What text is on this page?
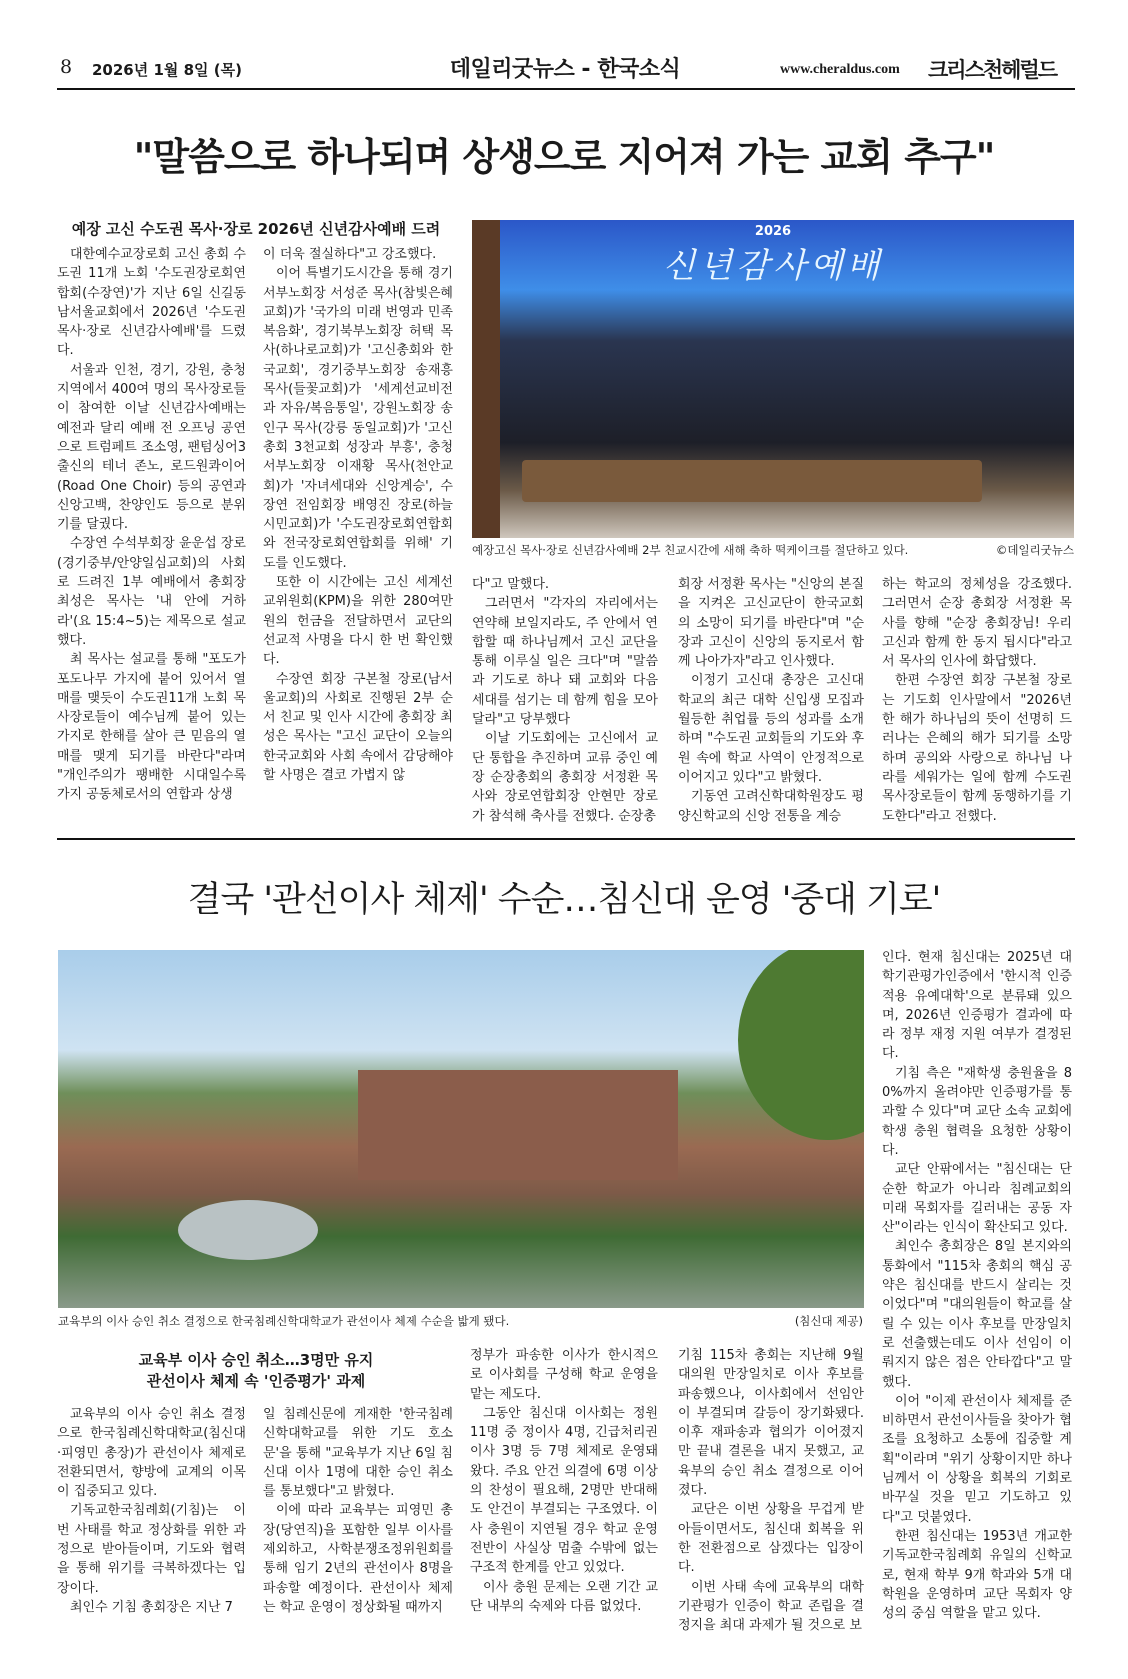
8 2026년 1월 8일 (목)	데일리굿뉴스 - 한국소식	www.cheraldus.com 크리스천헤럴드
"말씀으로 하나되며 상생으로 지어져 가는 교회 추구"
예장 고신 수도권 목사·장로 2026년 신년감사예배 드려	2026
신년감사예배
예장고신 목사·장로 신년감사예배 2부 친교시간에 새해 축하 떡케이크를 절단하고 있다.	©데일리굿뉴스

대한예수교장로회 고신 총회 수도권 11개 노회 '수도권장로회연합회(수장연)'가 지난 6일 신길동 남서울교회에서 2026년 '수도권 목사·장로 신년감사예배'를 드렸다.

서울과 인천, 경기, 강원, 충청 지역에서 400여 명의 목사장로들이 참여한 이날 신년감사예배는 예전과 달리 예배 전 오프닝 공연으로 트럼페트 조소영, 팬텀싱어3 출신의 테너 존노, 로드원콰이어(Road One Choir) 등의 공연과 신앙고백, 찬양인도 등으로 분위기를 달궜다.

수장연 수석부회장 윤운섭 장로(경기중부/안양일심교회)의 사회로 드려진 1부 예배에서 총회장 최성은 목사는 '내 안에 거하라'(요 15:4~5)는 제목으로 설교했다.

최 목사는 설교를 통해 "포도가 포도나무 가지에 붙어 있어서 열매를 맺듯이 수도권11개 노회 목사장로들이 예수님께 붙어 있는 가지로 한해를 살아 큰 믿음의 열매를 맺게 되기를 바란다"라며 "개인주의가 팽배한 시대일수록 가지 공동체로서의 연합과 상생

이 더욱 절실하다"고 강조했다.

이어 특별기도시간을 통해 경기서부노회장 서성준 목사(참빛은혜교회)가 '국가의 미래 번영과 민족복음화', 경기북부노회장 허택 목사(하나로교회)가 '고신총회와 한국교회', 경기중부노회장 송재흥 목사(들꽃교회)가 '세계선교비전과 자유/복음통일', 강원노회장 송인구 목사(강릉 동일교회)가 '고신총회 3천교회 성장과 부흥', 충청서부노회장 이재황 목사(천안교회)가 '자녀세대와 신앙계승', 수장연 전임회장 배영진 장로(하늘시민교회)가 '수도권장로회연합회와 전국장로회연합회를 위해' 기도를 인도했다.

또한 이 시간에는 고신 세계선교위원회(KPM)을 위한 280여만 원의 헌금을 전달하면서 교단의 선교적 사명을 다시 한 번 확인했다.

수장연 회장 구본철 장로(남서울교회)의 사회로 진행된 2부 순서 친교 및 인사 시간에 총회장 최성은 목사는 "고신 교단이 오늘의 한국교회와 사회 속에서 감당해야 할 사명은 결코 가볍지 않

다"고 말했다.

그러면서 "각자의 자리에서는 연약해 보일지라도, 주 안에서 연합할 때 하나님께서 고신 교단을 통해 이루실 일은 크다"며 "말씀과 기도로 하나 돼 교회와 다음 세대를 섬기는 데 함께 힘을 모아 달라"고 당부했다

이날 기도회에는 고신에서 교단 통합을 추진하며 교류 중인 예장 순장총회의 총회장 서정환 목사와 장로연합회장 안현만 장로가 참석해 축사를 전했다. 순장총

회장 서정환 목사는 "신앙의 본질을 지켜온 고신교단이 한국교회의 소망이 되기를 바란다"며 "순장과 고신이 신앙의 동지로서 함께 나아가자"라고 인사했다.

이정기 고신대 총장은 고신대학교의 최근 대학 신입생 모집과 월등한 취업률 등의 성과를 소개하며 "수도권 교회들의 기도와 후원 속에 학교 사역이 안정적으로 이어지고 있다"고 밝혔다.

기동연 고려신학대학원장도 평양신학교의 신앙 전통을 계승

하는 학교의 정체성을 강조했다. 그러면서 순장 총회장 서정환 목사를 향해 "순장 총회장님! 우리 고신과 함께 한 동지 됩시다"라고 서 목사의 인사에 화답했다.

한편 수장연 회장 구본철 장로는 기도회 인사말에서 "2026년 한 해가 하나님의 뜻이 선명히 드러나는 은혜의 해가 되기를 소망하며 공의와 사랑으로 하나님 나라를 세워가는 일에 함께 수도권 목사장로들이 함께 동행하기를 기도한다"라고 전했다.

결국 '관선이사 체제' 수순…침신대 운영 '중대 기로'
교육부의 이사 승인 취소 결정으로 한국침례신학대학교가 관선이사 체제 수순을 밟게 됐다.	(침신대 제공)
교육부 이사 승인 취소…3명만 유지
관선이사 체제 속 '인증평가' 과제

교육부의 이사 승인 취소 결정으로 한국침례신학대학교(침신대·피영민 총장)가 관선이사 체제로 전환되면서, 향방에 교계의 이목이 집중되고 있다.

기독교한국침례회(기침)는 이번 사태를 학교 정상화를 위한 과정으로 받아들이며, 기도와 협력을 통해 위기를 극복하겠다는 입장이다.

최인수 기침 총회장은 지난 7

일 침례신문에 게재한 '한국침례신학대학교를 위한 기도 호소문'을 통해 "교육부가 지난 6일 침신대 이사 1명에 대한 승인 취소를 통보했다"고 밝혔다.

이에 따라 교육부는 피영민 총장(당연직)을 포함한 일부 이사를 제외하고, 사학분쟁조정위원회를 통해 임기 2년의 관선이사 8명을 파송할 예정이다. 관선이사 체제는 학교 운영이 정상화될 때까지

정부가 파송한 이사가 한시적으로 이사회를 구성해 학교 운영을 맡는 제도다.

그동안 침신대 이사회는 정원 11명 중 정이사 4명, 긴급처리권 이사 3명 등 7명 체제로 운영돼 왔다. 주요 안건 의결에 6명 이상의 찬성이 필요해, 2명만 반대해도 안건이 부결되는 구조였다. 이사 충원이 지연될 경우 학교 운영 전반이 사실상 멈출 수밖에 없는 구조적 한계를 안고 있었다.

이사 충원 문제는 오랜 기간 교단 내부의 숙제와 다름 없었다.

기침 115차 총회는 지난해 9월 대의원 만장일치로 이사 후보를 파송했으나, 이사회에서 선임안이 부결되며 갈등이 장기화됐다. 이후 재파송과 협의가 이어졌지만 끝내 결론을 내지 못했고, 교육부의 승인 취소 결정으로 이어졌다.

교단은 이번 상황을 무겁게 받아들이면서도, 침신대 회복을 위한 전환점으로 삼겠다는 입장이다.

이번 사태 속에 교육부의 대학기관평가 인증이 학교 존립을 결정지을 최대 과제가 될 것으로 보

인다. 현재 침신대는 2025년 대학기관평가인증에서 '한시적 인증 적용 유예대학'으로 분류돼 있으며, 2026년 인증평가 결과에 따라 정부 재정 지원 여부가 결정된다.

기침 측은 "재학생 충원율을 80%까지 올려야만 인증평가를 통과할 수 있다"며 교단 소속 교회에 학생 충원 협력을 요청한 상황이다.

교단 안팎에서는 "침신대는 단순한 학교가 아니라 침례교회의 미래 목회자를 길러내는 공동 자산"이라는 인식이 확산되고 있다.

최인수 총회장은 8일 본지와의 통화에서 "115차 총회의 핵심 공약은 침신대를 반드시 살리는 것이었다"며 "대의원들이 학교를 살릴 수 있는 이사 후보를 만장일치로 선출했는데도 이사 선임이 이뤄지지 않은 점은 안타깝다"고 말했다.

이어 "이제 관선이사 체제를 준비하면서 관선이사들을 찾아가 협조를 요청하고 소통에 집중할 계획"이라며 "위기 상황이지만 하나님께서 이 상황을 회복의 기회로 바꾸실 것을 믿고 기도하고 있다"고 덧붙였다.

한편 침신대는 1953년 개교한 기독교한국침례회 유일의 신학교로, 현재 학부 9개 학과와 5개 대학원을 운영하며 교단 목회자 양성의 중심 역할을 맡고 있다.
